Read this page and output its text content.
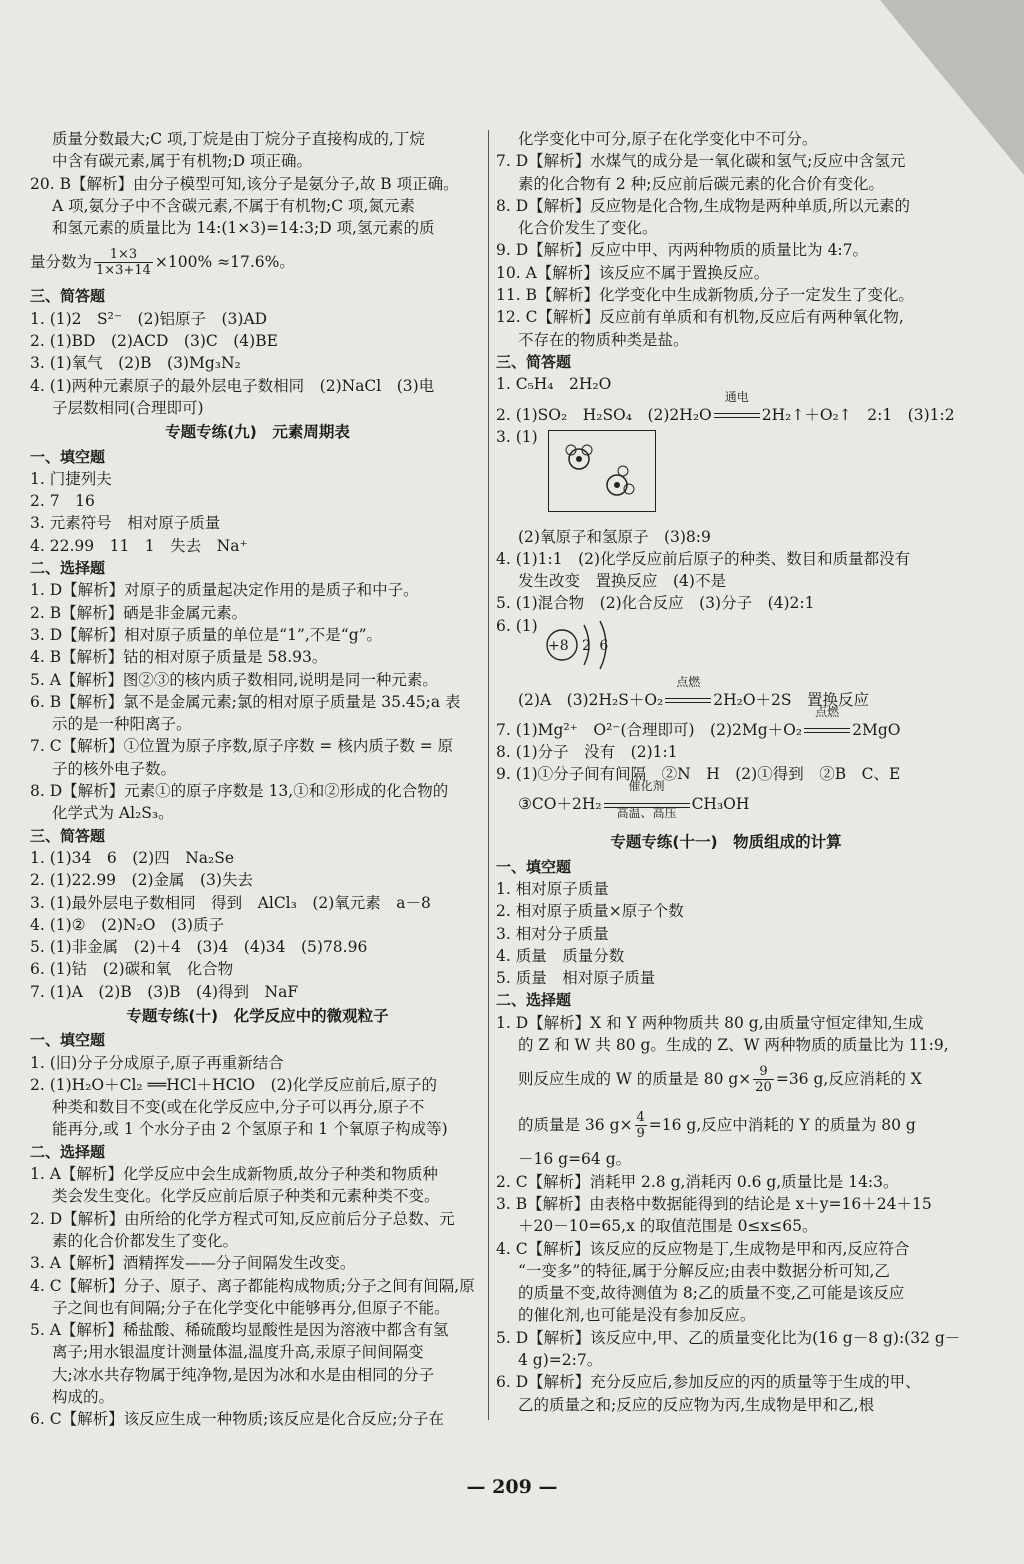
质量分数最大;C 项,丁烷是由丁烷分子直接构成的,丁烷
中含有碳元素,属于有机物;D 项正确。
20. B【解析】由分子模型可知,该分子是氨分子,故 B 项正确。
A 项,氨分子中不含碳元素,不属于有机物;C 项,氮元素
和氢元素的质量比为 14:(1×3)=14:3;D 项,氢元素的质
量分数为 $\frac{1\times 3}{1\times 3+14} \times 100\% \approx 17.6\%$。
三、简答题
1. (1)2　S²⁻　(2)铝原子　(3)AD
2. (1)BD　(2)ACD　(3)C　(4)BE
3. (1)氧气　(2)B　(3)Mg₃N₂
4. (1)两种元素原子的最外层电子数相同　(2)NaCl　(3)电
子层数相同(合理即可)
专题专练(九)　元素周期表
一、填空题
1. 门捷列夫
2. 7　16
3. 元素符号　相对原子质量
4. 22.99　11　1　失去　Na⁺
二、选择题
1. D【解析】对原子的质量起决定作用的是质子和中子。
2. B【解析】硒是非金属元素。
3. D【解析】相对原子质量的单位是“1”,不是“g”。
4. B【解析】钴的相对原子质量是 58.93。
5. A【解析】图②③的核内质子数相同,说明是同一种元素。
6. B【解析】氯不是金属元素;氯的相对原子质量是 35.45;a 表
示的是一种阳离子。
7. C【解析】①位置为原子序数,原子序数 = 核内质子数 = 原
子的核外电子数。
8. D【解析】元素①的原子序数是 13,①和②形成的化合物的
化学式为 Al₂S₃。
三、简答题
1. (1)34　6　(2)四　Na₂Se
2. (1)22.99　(2)金属　(3)失去
3. (1)最外层电子数相同　得到　AlCl₃　(2)氧元素　a－8
4. (1)②　(2)N₂O　(3)质子
5. (1)非金属　(2)＋4　(3)4　(4)34　(5)78.96
6. (1)钴　(2)碳和氧　化合物
7. (1)A　(2)B　(3)B　(4)得到　NaF
专题专练(十)　化学反应中的微观粒子
一、填空题
1. (旧)分子分成原子,原子再重新结合
2. (1)H₂O＋Cl₂ ══HCl＋HClO　(2)化学反应前后,原子的
种类和数目不变(或在化学反应中,分子可以再分,原子不
能再分,或 1 个水分子由 2 个氢原子和 1 个氧原子构成等)
二、选择题
1. A【解析】化学反应中会生成新物质,故分子种类和物质种
类会发生变化。化学反应前后原子种类和元素种类不变。
2. D【解析】由所给的化学方程式可知,反应前后分子总数、元
素的化合价都发生了变化。
3. A【解析】酒精挥发——分子间隔发生改变。
4. C【解析】分子、原子、离子都能构成物质;分子之间有间隔,原
子之间也有间隔;分子在化学变化中能够再分,但原子不能。
5. A【解析】稀盐酸、稀硫酸均显酸性是因为溶液中都含有氢
离子;用水银温度计测量体温,温度升高,汞原子间间隔变
大;冰水共存物属于纯净物,是因为冰和水是由相同的分子
构成的。
6. C【解析】该反应生成一种物质;该反应是化合反应;分子在
化学变化中可分,原子在化学变化中不可分。
7. D【解析】水煤气的成分是一氧化碳和氢气;反应中含氢元
素的化合物有 2 种;反应前后碳元素的化合价有变化。
8. D【解析】反应物是化合物,生成物是两种单质,所以元素的
化合价发生了变化。
9. D【解析】反应中甲、丙两种物质的质量比为 4:7。
10. A【解析】该反应不属于置换反应。
11. B【解析】化学变化中生成新物质,分子一定发生了变化。
12. C【解析】反应前有单质和有机物,反应后有两种氧化物,
不存在的物质种类是盐。
三、简答题
1. C₅H₄　2H₂O
2. (1)SO₂　H₂SO₄　(2)2H₂O
通电
2H₂↑＋O₂↑　2:1　(3)1:2
3. (1)
(2)氧原子和氢原子　(3)8:9
4. (1)1:1　(2)化学反应前后原子的种类、数目和质量都没有
发生改变　置换反应　(4)不是
5. (1)混合物　(2)化合反应　(3)分子　(4)2:1
6. (1)
+8 2 6
(2)A　(3)2H₂S＋O₂
点燃
2H₂O＋2S　置换反应
7. (1)Mg²⁺　O²⁻(合理即可)　(2)2Mg＋O₂
点燃
2MgO
8. (1)分子　没有　(2)1:1
9. (1)①分子间有间隔　②N　H　(2)①得到　②B　C、E
③CO＋2H₂
催化剂
高温、高压 CH₃OH
专题专练(十一)　物质组成的计算
一、填空题
1. 相对原子质量
2. 相对原子质量×原子个数
3. 相对分子质量
4. 质量　质量分数
5. 质量　相对原子质量
二、选择题
1. D【解析】X 和 Y 两种物质共 80 g,由质量守恒定律知,生成
的 Z 和 W 共 80 g。生成的 Z、W 两种物质的质量比为 11:9,
则反应生成的 W 的质量是 80 $g\times \frac{9}{20} =36$ g,反应消耗的 X
的质量是 36 $g\times \frac{4}{9} =16$ g,反应中消耗的 Y 的质量为 80 g
－16 g=64 g。
2. C【解析】消耗甲 2.8 g,消耗丙 0.6 g,质量比是 14:3。
3. B【解析】由表格中数据能得到的结论是 x＋y=16＋24＋15
＋20－10=65,x 的取值范围是 0≤x≤65。
4. C【解析】该反应的反应物是丁,生成物是甲和丙,反应符合
“一变多”的特征,属于分解反应;由表中数据分析可知,乙
的质量不变,故待测值为 8;乙的质量不变,乙可能是该反应
的催化剂,也可能是没有参加反应。
5. D【解析】该反应中,甲、乙的质量变化比为(16 g－8 g):(32 g－
4 g)=2:7。
6. D【解析】充分反应后,参加反应的丙的质量等于生成的甲、
乙的质量之和;反应的反应物为丙,生成物是甲和乙,根
— 209 —
